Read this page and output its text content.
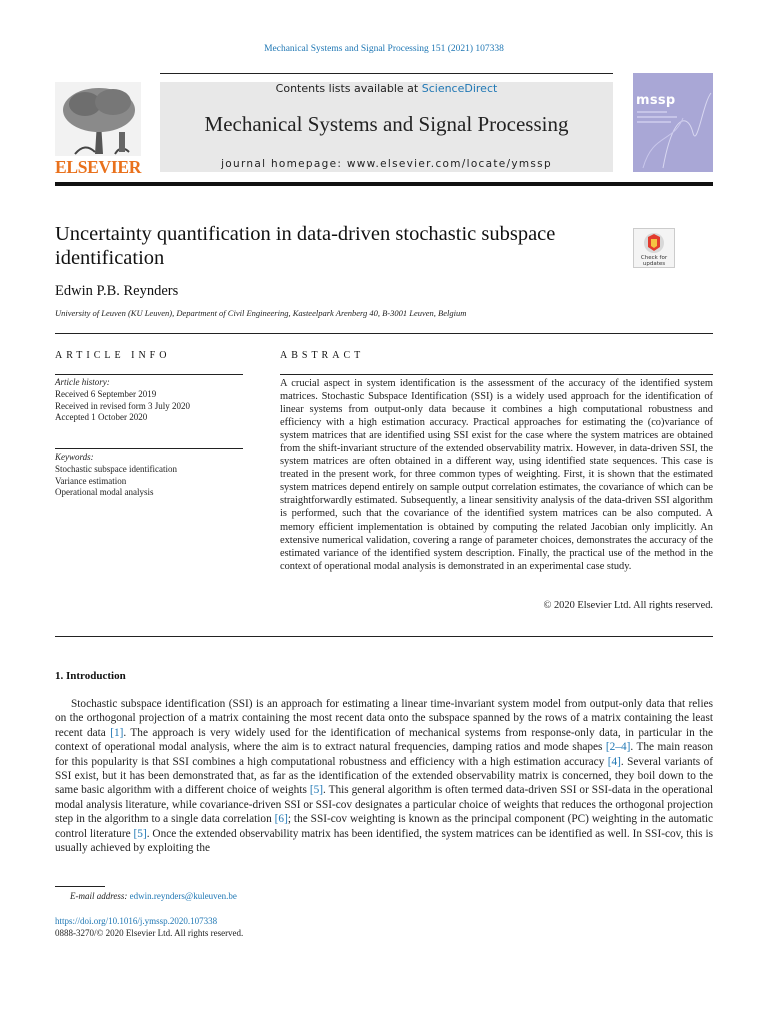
Mechanical Systems and Signal Processing 151 (2021) 107338
ELSEVIER
Contents lists available at ScienceDirect
Mechanical Systems and Signal Processing
journal homepage: www.elsevier.com/locate/ymssp
mssp
Uncertainty quantification in data-driven stochastic subspace identification	Check for
updates
Edwin P.B. Reynders
University of Leuven (KU Leuven), Department of Civil Engineering, Kasteelpark Arenberg 40, B-3001 Leuven, Belgium
ARTICLE INFO	ABSTRACT
Article history:
Received 6 September 2019
Received in revised form 3 July 2020
Accepted 1 October 2020
Keywords:
Stochastic subspace identification
Variance estimation
Operational modal analysis
A crucial aspect in system identification is the assessment of the accuracy of the identified system matrices. Stochastic Subspace Identification (SSI) is a widely used approach for the identification of linear systems from output-only data because it combines a high computational robustness and efficiency with a high estimation accuracy. Practical approaches for estimating the (co)variance of system matrices that are identified using SSI exist for the case where the system matrices are obtained from the shift-invariant structure of the extended observability matrix. However, in data-driven SSI, the system matrices are often obtained in a different way, using identified state sequences. This case is treated in the present work, for three common types of weighting. First, it is shown that the estimated system matrices depend entirely on sample output correlation estimates, the covariance of which can be straightforwardly estimated. Subsequently, a linear sensitivity analysis of the data-driven SSI algorithm is performed, such that the covariance of the identified system matrices can be also computed. A memory efficient implementation is obtained by computing the related Jacobian only implicitly. An extensive numerical validation, covering a range of parameter choices, demonstrates the accuracy of the estimated variance of the identified system description. Finally, the practical use of the method in the context of operational modal analysis is demonstrated in an experimental case study.
© 2020 Elsevier Ltd. All rights reserved.
1. Introduction
Stochastic subspace identification (SSI) is an approach for estimating a linear time-invariant system model from output-only data that relies on the orthogonal projection of a matrix containing the most recent data onto the subspace spanned by the rows of a matrix containing the least recent data [1]. The approach is very widely used for the identification of mechanical systems from response-only data, in particular in the context of operational modal analysis, where the aim is to extract natural frequencies, damping ratios and mode shapes [2–4]. The main reason for this popularity is that SSI combines a high computational robustness and efficiency with a high estimation accuracy [4]. Several variants of SSI exist, but it has been demonstrated that, as far as the identification of the extended observability matrix is concerned, they boil down to the same basic algorithm with a different choice of weights [5]. This general algorithm is often termed data-driven SSI or SSI-data in the operational modal analysis literature, while covariance-driven SSI or SSI-cov designates a particular choice of weights that reduces the orthogonal projection step in the algorithm to a single data correlation [6]; the SSI-cov weighting is known as the principal component (PC) weighting in the automatic control literature [5]. Once the extended observability matrix has been identified, the system matrices can be identified as well. In SSI-cov, this is usually achieved by exploiting the
E-mail address: edwin.reynders@kuleuven.be
https://doi.org/10.1016/j.ymssp.2020.107338
0888-3270/© 2020 Elsevier Ltd. All rights reserved.
